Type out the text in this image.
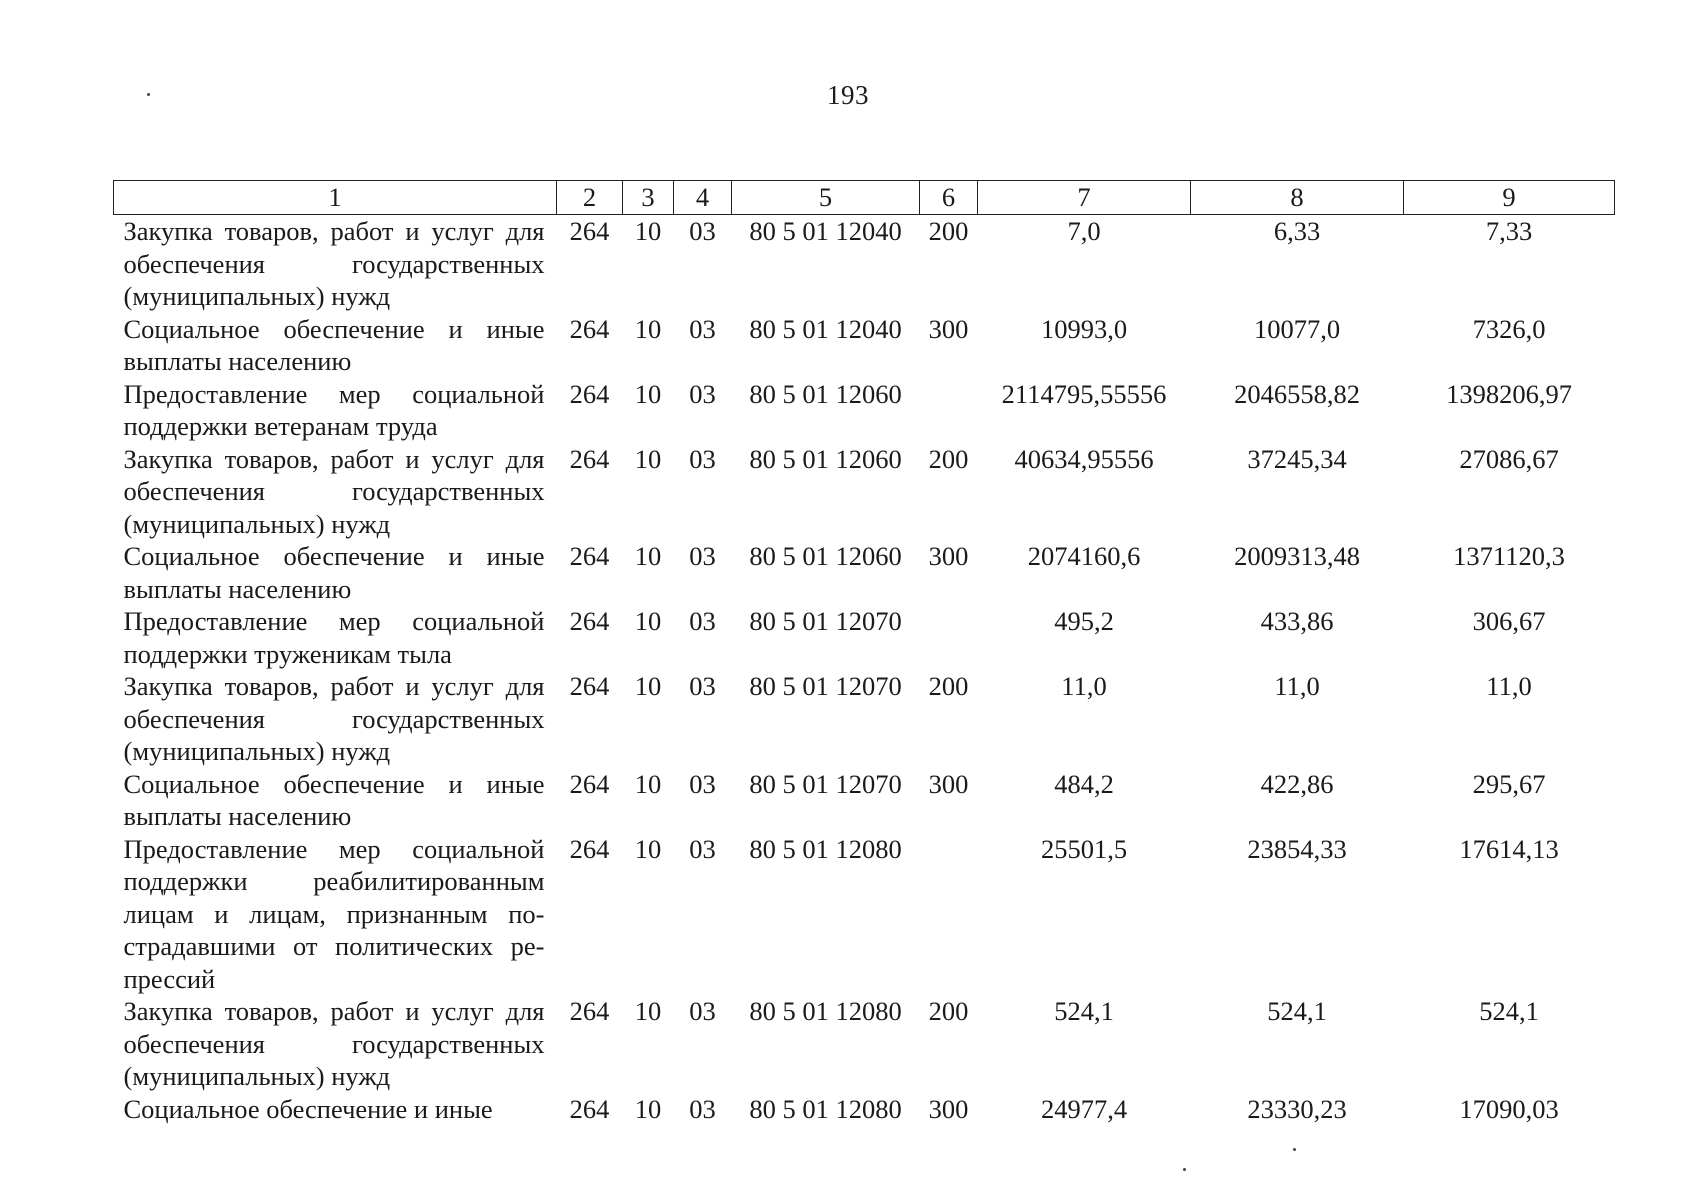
193
1	2	3	4	5	6	7	8	9
Закупка товаров, работ и услуг для обеспечения государственных (муниципальных) нужд	264	10	03	80 5 01 12040	200	7,0	6,33	7,33
Социальное обеспечение и иные выплаты населению	264	10	03	80 5 01 12040	300	10993,0	10077,0	7326,0
Предоставление мер социальной поддержки ветеранам труда	264	10	03	80 5 01 12060		2114795,55556	2046558,82	1398206,97
Закупка товаров, работ и услуг для обеспечения государственных (муниципальных) нужд	264	10	03	80 5 01 12060	200	40634,95556	37245,34	27086,67
Социальное обеспечение и иные выплаты населению	264	10	03	80 5 01 12060	300	2074160,6	2009313,48	1371120,3
Предоставление мер социальной поддержки труженикам тыла	264	10	03	80 5 01 12070		495,2	433,86	306,67
Закупка товаров, работ и услуг для обеспечения государственных (муниципальных) нужд	264	10	03	80 5 01 12070	200	11,0	11,0	11,0
Социальное обеспечение и иные выплаты населению	264	10	03	80 5 01 12070	300	484,2	422,86	295,67
Предоставление мер социальной поддержки реабилитированным лицам и лицам, признанным по-страдавшими от политических ре-прессий	264	10	03	80 5 01 12080		25501,5	23854,33	17614,13
Закупка товаров, работ и услуг для обеспечения государственных (муниципальных) нужд	264	10	03	80 5 01 12080	200	524,1	524,1	524,1
Социальное обеспечение и иные	264	10	03	80 5 01 12080	300	24977,4	23330,23	17090,03
